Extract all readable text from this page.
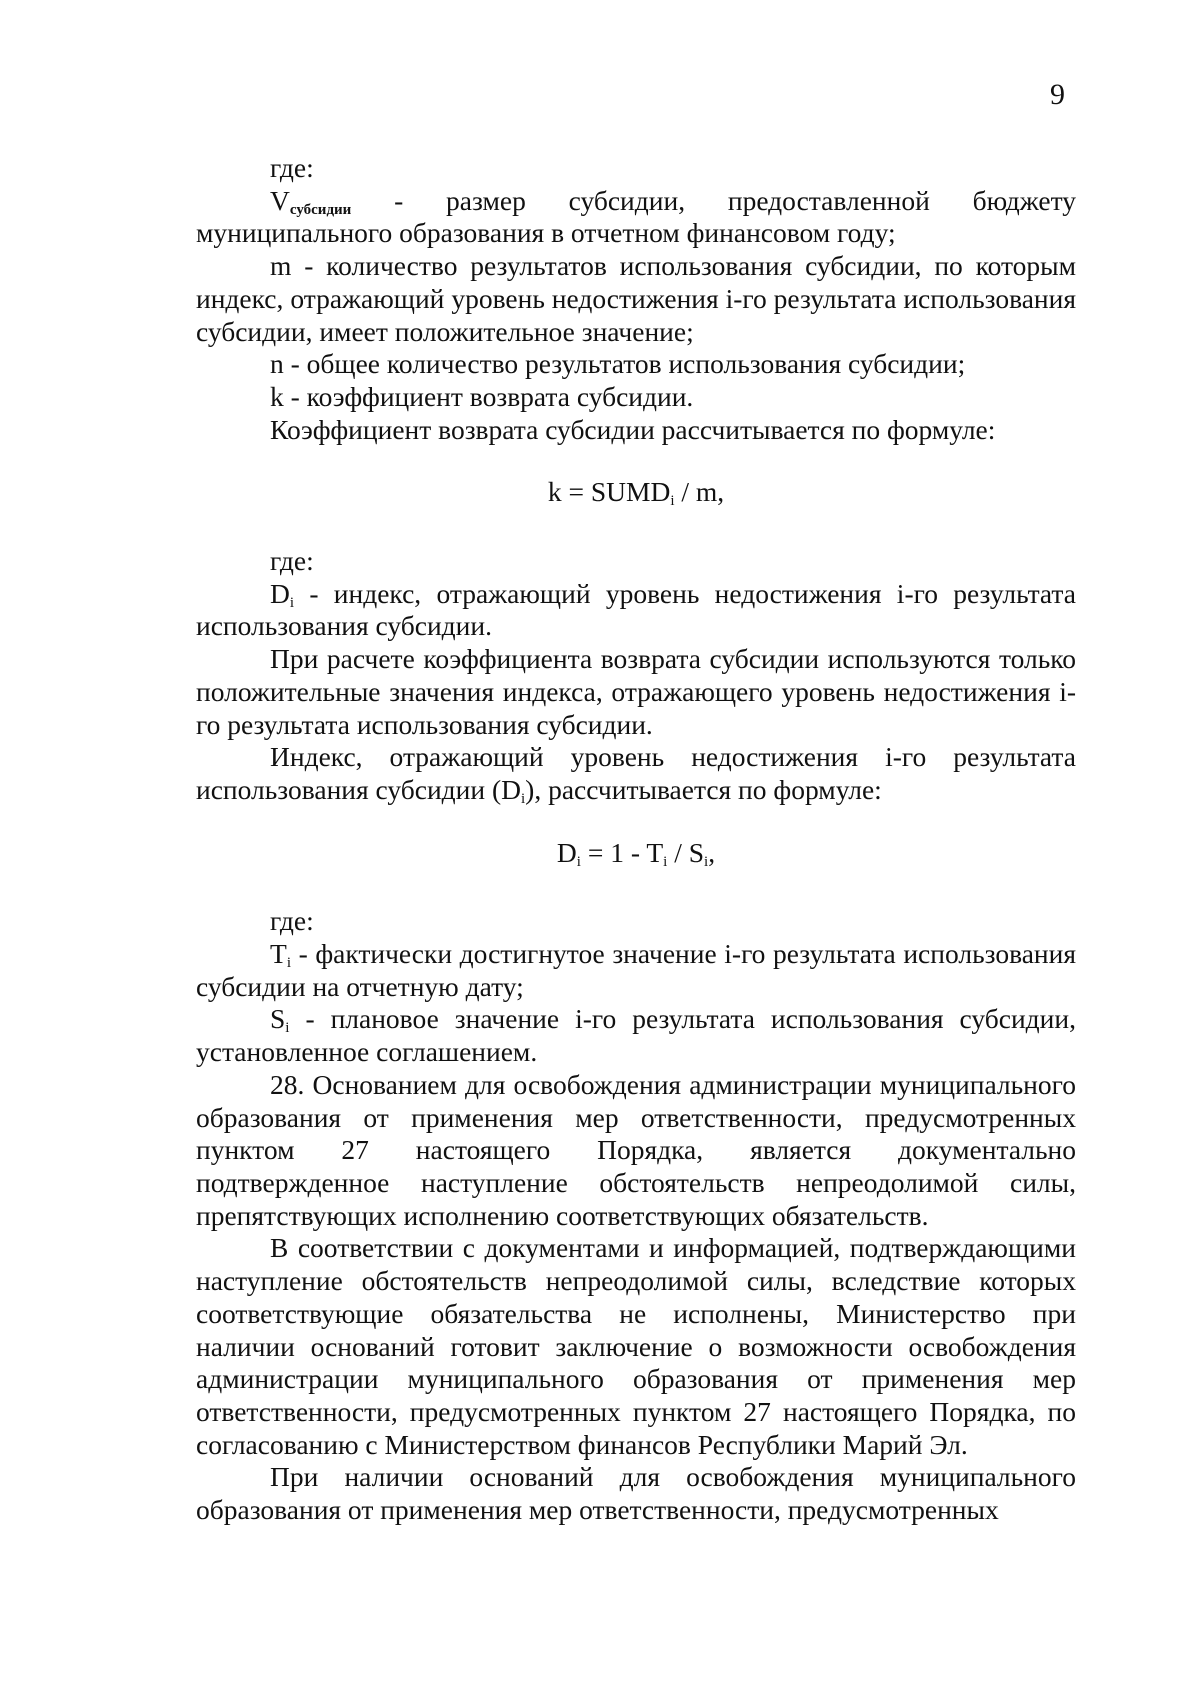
9

где:

$V_{субсидии}$ - размер субсидии, предоставленной бюджету муниципального образования в отчетном финансовом году;

m - количество результатов использования субсидии, по которым индекс, отражающий уровень недостижения i-го результата использования субсидии, имеет положительное значение;

n - общее количество результатов использования субсидии;

k - коэффициент возврата субсидии.

Коэффициент возврата субсидии рассчитывается по формуле:

$k = SUMD_i / m$,

где:

$D_i$ - индекс, отражающий уровень недостижения i-го результата использования субсидии.

При расчете коэффициента возврата субсидии используются только положительные значения индекса, отражающего уровень недостижения i-го результата использования субсидии.

Индекс, отражающий уровень недостижения i-го результата использования субсидии $(D_i)$, рассчитывается по формуле:

$D_i = 1 - T_i / S_i$,

где:

$T_i$ - фактически достигнутое значение i-го результата использования субсидии на отчетную дату;

$S_i$ - плановое значение i-го результата использования субсидии, установленное соглашением.

28. Основанием для освобождения администрации муниципального образования от применения мер ответственности, предусмотренных пунктом 27 настоящего Порядка, является документально подтвержденное наступление обстоятельств непреодолимой силы, препятствующих исполнению соответствующих обязательств.

В соответствии с документами и информацией, подтверждающими наступление обстоятельств непреодолимой силы, вследствие которых соответствующие обязательства не исполнены, Министерство при наличии оснований готовит заключение о возможности освобождения администрации муниципального образования от применения мер ответственности, предусмотренных пунктом 27 настоящего Порядка, по согласованию с Министерством финансов Республики Марий Эл.

При наличии оснований для освобождения муниципального образования от применения мер ответственности, предусмотренных
